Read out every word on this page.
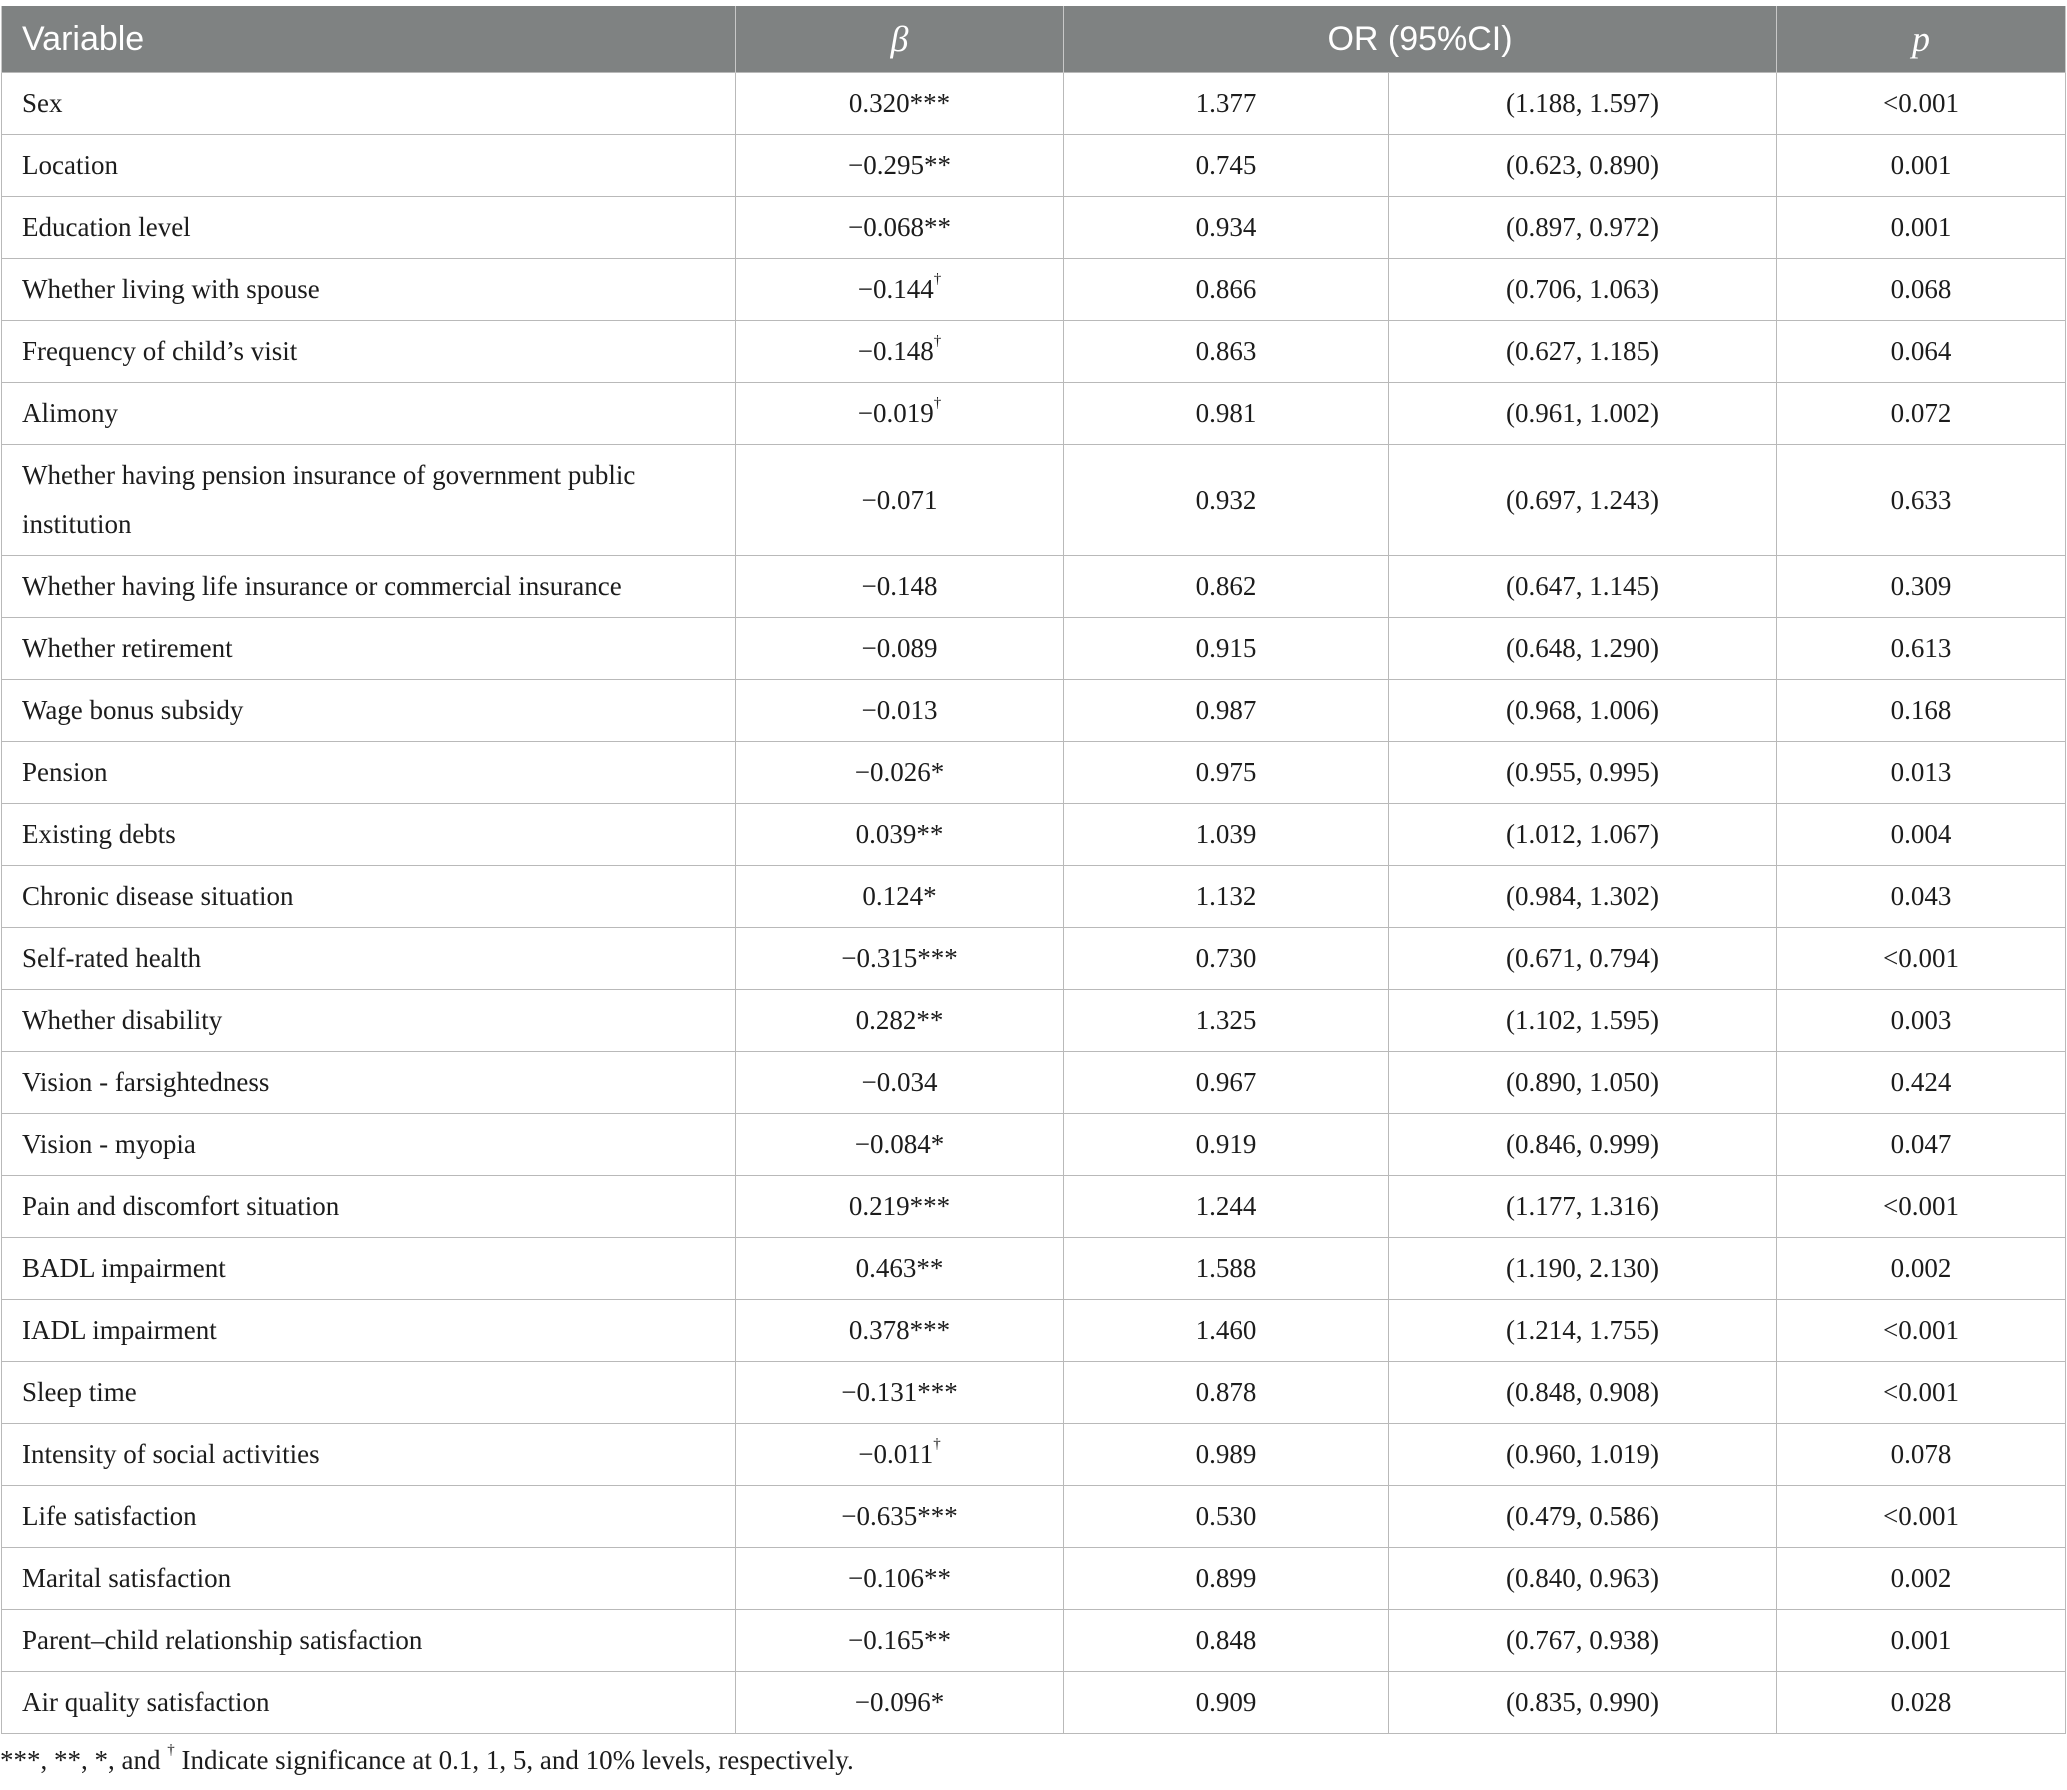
Variable	β	OR (95%CI)		p
Sex	0.320***	1.377	(1.188, 1.597)	<0.001
Location	−0.295**	0.745	(0.623, 0.890)	0.001
Education level	−0.068**	0.934	(0.897, 0.972)	0.001
Whether living with spouse	−0.144†	0.866	(0.706, 1.063)	0.068
Frequency of child’s visit	−0.148†	0.863	(0.627, 1.185)	0.064
Alimony	−0.019†	0.981	(0.961, 1.002)	0.072
Whether having pension insurance of government public institution	−0.071	0.932	(0.697, 1.243)	0.633
Whether having life insurance or commercial insurance	−0.148	0.862	(0.647, 1.145)	0.309
Whether retirement	−0.089	0.915	(0.648, 1.290)	0.613
Wage bonus subsidy	−0.013	0.987	(0.968, 1.006)	0.168
Pension	−0.026*	0.975	(0.955, 0.995)	0.013
Existing debts	0.039**	1.039	(1.012, 1.067)	0.004
Chronic disease situation	0.124*	1.132	(0.984, 1.302)	0.043
Self-rated health	−0.315***	0.730	(0.671, 0.794)	<0.001
Whether disability	0.282**	1.325	(1.102, 1.595)	0.003
Vision - farsightedness	−0.034	0.967	(0.890, 1.050)	0.424
Vision - myopia	−0.084*	0.919	(0.846, 0.999)	0.047
Pain and discomfort situation	0.219***	1.244	(1.177, 1.316)	<0.001
BADL impairment	0.463**	1.588	(1.190, 2.130)	0.002
IADL impairment	0.378***	1.460	(1.214, 1.755)	<0.001
Sleep time	−0.131***	0.878	(0.848, 0.908)	<0.001
Intensity of social activities	−0.011†	0.989	(0.960, 1.019)	0.078
Life satisfaction	−0.635***	0.530	(0.479, 0.586)	<0.001
Marital satisfaction	−0.106**	0.899	(0.840, 0.963)	0.002
Parent–child relationship satisfaction	−0.165**	0.848	(0.767, 0.938)	0.001
Air quality satisfaction	−0.096*	0.909	(0.835, 0.990)	0.028
***, **, *, and † Indicate significance at 0.1, 1, 5, and 10% levels, respectively.
